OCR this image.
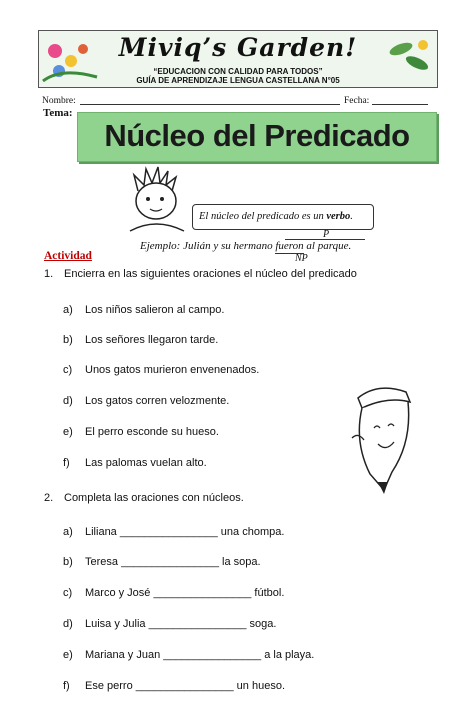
Miviq’s Garden!
“EDUCACION CON CALIDAD PARA TODOS”
GUÍA DE APRENDIZAJE LENGUA CASTELLANA N°05
Nombre:	Fecha:
Tema:
Núcleo del Predicado
El núcleo del predicado es un verbo.
P
Ejemplo: Julián y su hermano fueron al parque.
NP
Actividad
1. Encierra en las siguientes oraciones el núcleo del predicado
a) Los niños salieron al campo.
b) Los señores llegaron tarde.
c) Unos gatos murieron envenenados.
d) Los gatos corren velozmente.
e) El perro esconde su hueso.
f) Las palomas vuelan alto.
2. Completa las oraciones con núcleos.
a) Liliana ________________ una chompa.
b) Teresa ________________ la sopa.
c) Marco y José ________________ fútbol.
d) Luisa y Julia ________________ soga.
e) Mariana y Juan ________________ a la playa.
f) Ese perro ________________ un hueso.
